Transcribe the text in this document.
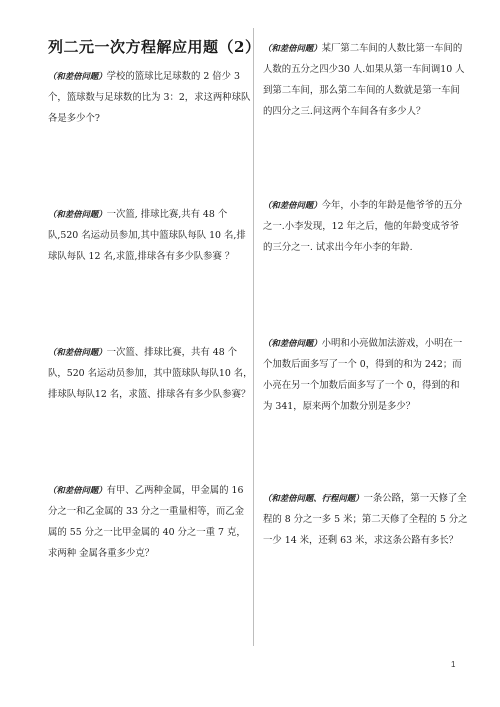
列二元一次方程解应用题（2）
（和差倍问题）学校的篮球比足球数的 2 倍少 3 个，篮球数与足球数的比为 3：2，求这两种球队各是多少个?
（和差倍问题）某厂第二车间的人数比第一车间的人数的五分之四少30 人.如果从第一车间调10 人到第二车间，那么第二车间的人数就是第一车间的四分之三.问这两个车间各有多少人？
（和差倍问题）一次篮, 排球比赛,共有 48 个队,520 名运动员参加,其中篮球队每队 10 名,排球队每队 12 名,求篮,排球各有多少队参赛 ？
（和差倍问题）今年，小李的年龄是他爷爷的五分之一.小李发现，12 年之后，他的年龄变成爷爷的三分之一. 试求出今年小李的年龄.
（和差倍问题）一次篮、排球比赛，共有 48 个队，520 名运动员参加，其中篮球队每队10 名，排球队每队12 名，求篮、排球各有多少队参赛？
（和差倍问题）小明和小亮做加法游戏，小明在一个加数后面多写了一个 0，得到的和为 242；而小亮在另一个加数后面多写了一个 0，得到的和为 341，原来两个加数分别是多少？
（和差倍问题）有甲、乙两种金属，甲金属的 16 分之一和乙金属的 33 分之一重量相等，而乙金属的 55 分之一比甲金属的 40 分之一重 7 克，求两种 金属各重多少克？
（和差倍问题、行程问题）一条公路，第一天修了全程的 8 分之一多 5 米；第二天修了全程的 5 分之一少 14 米，还剩 63 米，求这条公路有多长？
1
